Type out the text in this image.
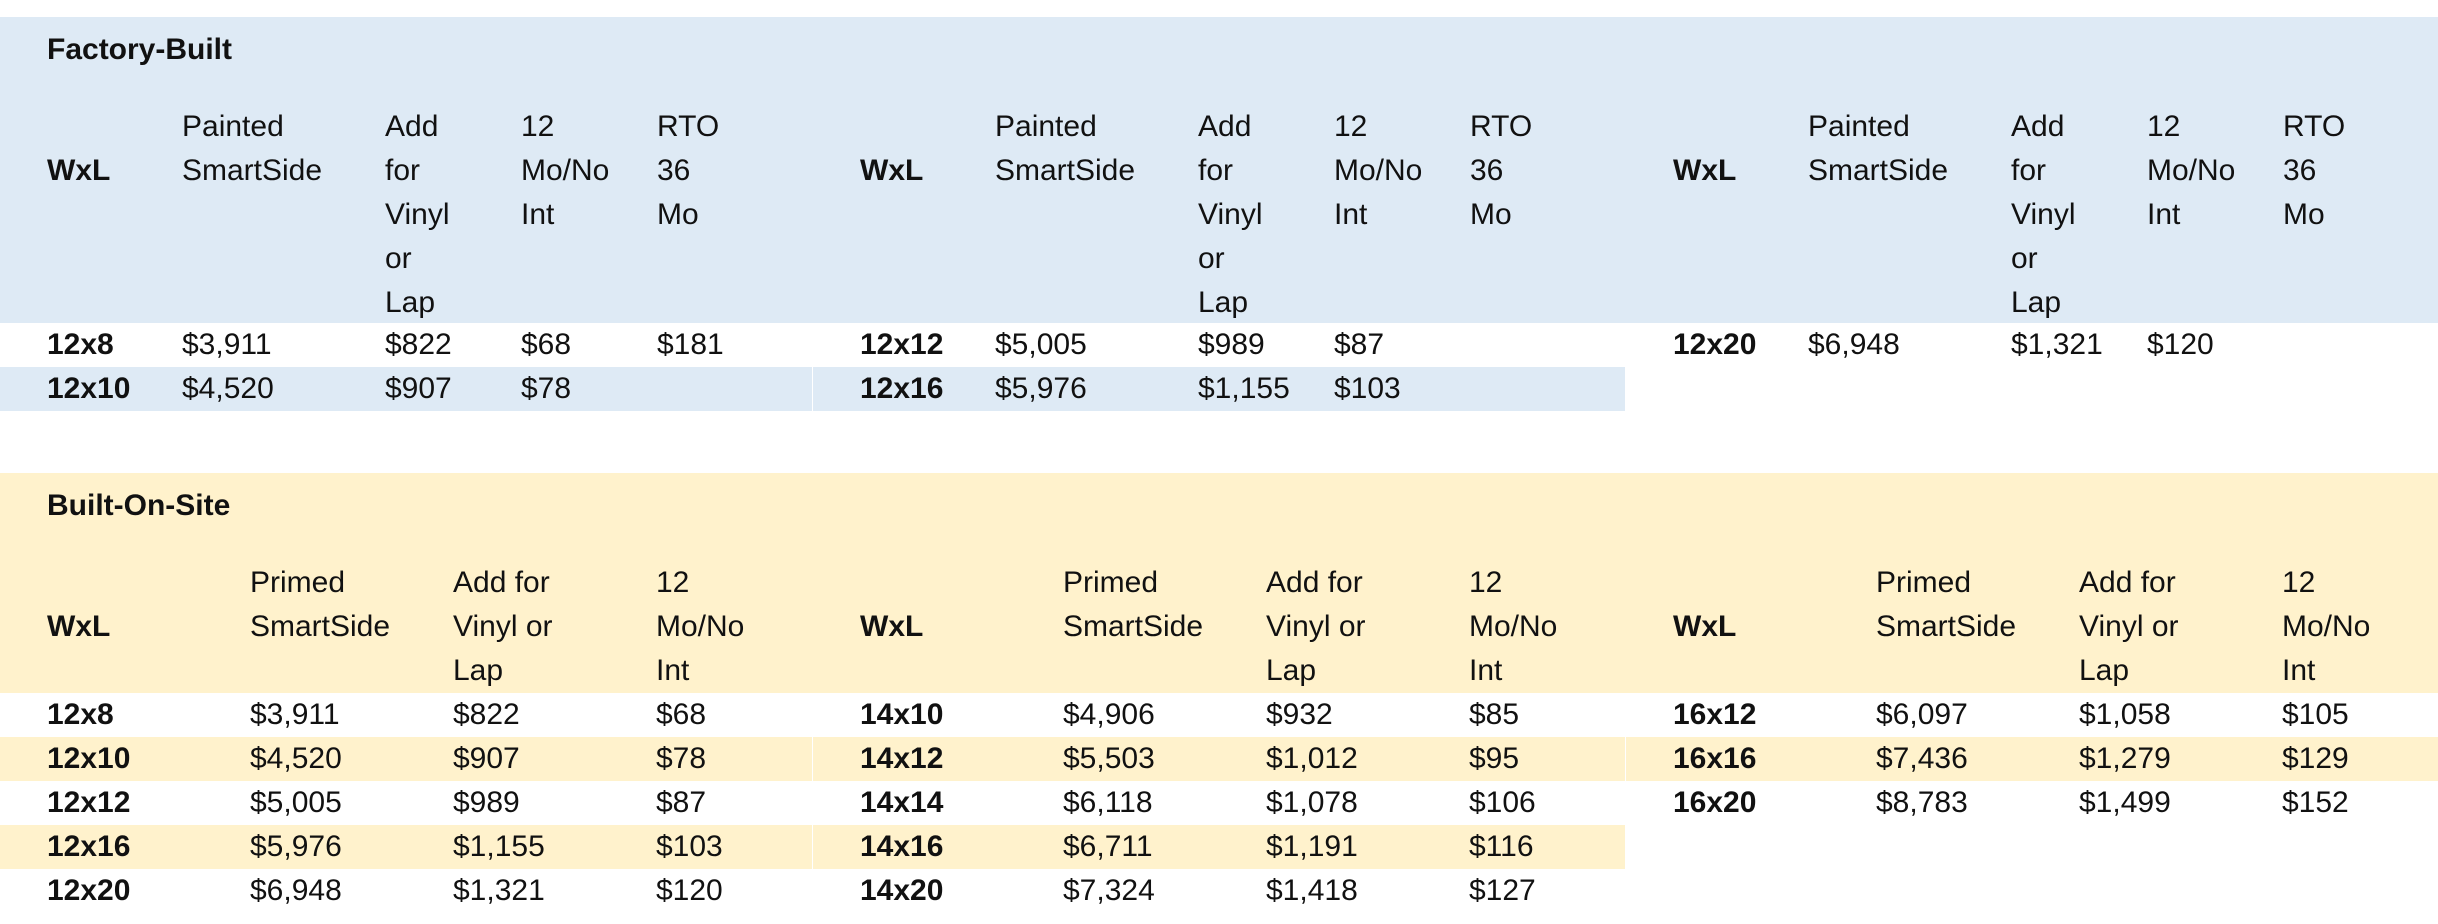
Factory-Built
WxL
Painted
SmartSide
Add
for
Vinyl
or
Lap
12
Mo/No
Int
RTO
36
Mo
12x8 $3,911	$822 $68	$181
12x10 $4,520	$907 $78
WxL
Painted
SmartSide
Add
for
Vinyl
or
Lap
12
Mo/No
Int
RTO
36
Mo
12x12 $5,005	$989 $87
12x16 $5,976	$1,155 $103
WxL
Painted
SmartSide
Add
for
Vinyl
or
Lap
12
Mo/No
Int
RTO
36
Mo
12x20 $6,948	$1,321 $120
Built-On-Site
WxL
Primed
SmartSide
Add for
Vinyl or
Lap
12
Mo/No
Int
12x8	$3,911	$822	$68
12x10	$4,520	$907	$78
12x12	$5,005	$989	$87
12x16	$5,976	$1,155	$103
12x20	$6,948	$1,321	$120
WxL
Primed
SmartSide
Add for
Vinyl or
Lap
12
Mo/No
Int
14x10	$4,906	$932	$85
14x12	$5,503	$1,012	$95
14x14	$6,118	$1,078	$106
14x16	$6,711	$1,191	$116
14x20	$7,324	$1,418	$127
WxL
Primed
SmartSide
Add for
Vinyl or
Lap
12
Mo/No
Int
16x12	$6,097	$1,058	$105
16x16	$7,436	$1,279	$129
16x20	$8,783	$1,499	$152
